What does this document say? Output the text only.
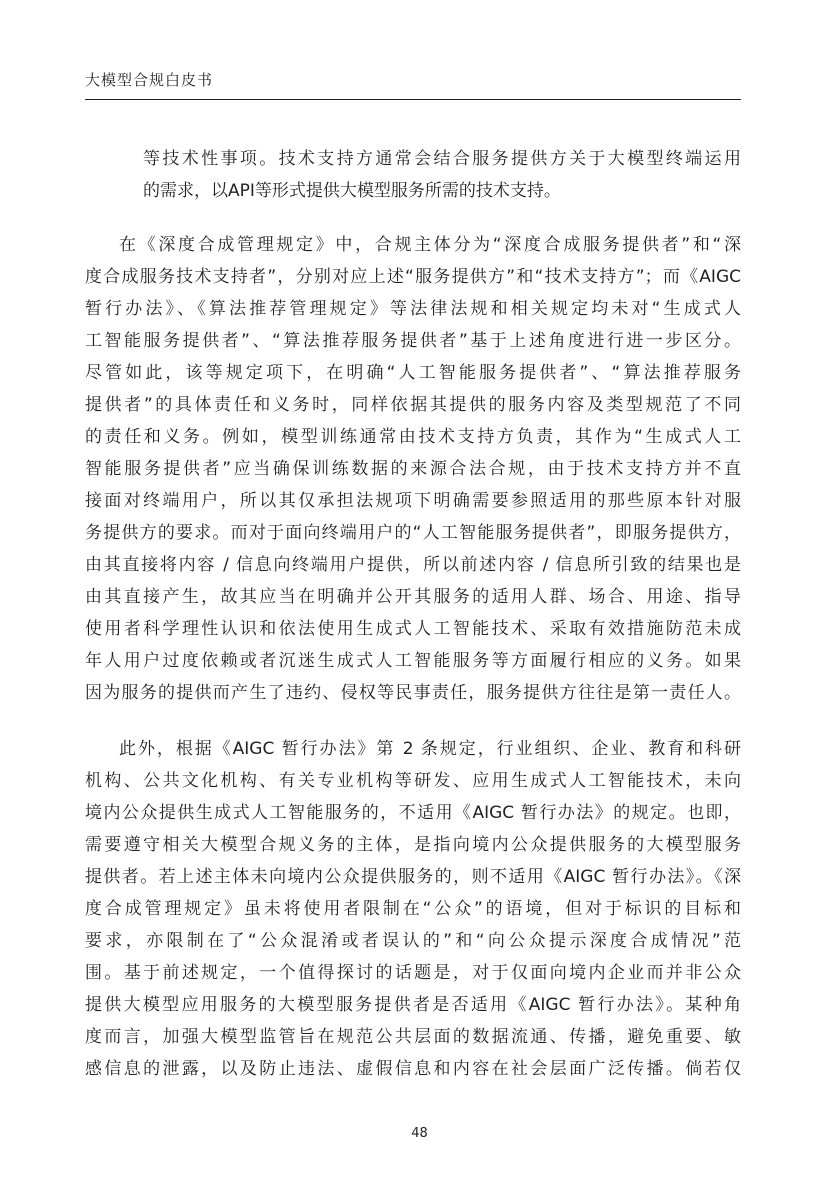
大模型合规白皮书
等技术性事项。技术支持方通常会结合服务提供方关于大模型终端运用
的需求，以API等形式提供大模型服务所需的技术支持。
在《深度合成管理规定》中，合规主体分为“深度合成服务提供者”和“深
度合成服务技术支持者”，分别对应上述“服务提供方”和“技术支持方”；而《AIGC
暂行办法》、《算法推荐管理规定》等法律法规和相关规定均未对“生成式人
工智能服务提供者”、“算法推荐服务提供者”基于上述角度进行进一步区分。
尽管如此，该等规定项下，在明确“人工智能服务提供者”、“算法推荐服务
提供者”的具体责任和义务时，同样依据其提供的服务内容及类型规范了不同
的责任和义务。例如，模型训练通常由技术支持方负责，其作为“生成式人工
智能服务提供者”应当确保训练数据的来源合法合规，由于技术支持方并不直
接面对终端用户，所以其仅承担法规项下明确需要参照适用的那些原本针对服
务提供方的要求。而对于面向终端用户的“人工智能服务提供者”，即服务提供方，
由其直接将内容 / 信息向终端用户提供，所以前述内容 / 信息所引致的结果也是
由其直接产生，故其应当在明确并公开其服务的适用人群、场合、用途、指导
使用者科学理性认识和依法使用生成式人工智能技术、采取有效措施防范未成
年人用户过度依赖或者沉迷生成式人工智能服务等方面履行相应的义务。如果
因为服务的提供而产生了违约、侵权等民事责任，服务提供方往往是第一责任人。
此外，根据《AIGC 暂行办法》第 2 条规定，行业组织、企业、教育和科研
机构、公共文化机构、有关专业机构等研发、应用生成式人工智能技术，未向
境内公众提供生成式人工智能服务的，不适用《AIGC 暂行办法》的规定。也即，
需要遵守相关大模型合规义务的主体，是指向境内公众提供服务的大模型服务
提供者。若上述主体未向境内公众提供服务的，则不适用《AIGC 暂行办法》。《深
度合成管理规定》虽未将使用者限制在“公众”的语境，但对于标识的目标和
要求，亦限制在了“公众混淆或者误认的”和“向公众提示深度合成情况”范
围。基于前述规定，一个值得探讨的话题是，对于仅面向境内企业而并非公众
提供大模型应用服务的大模型服务提供者是否适用《AIGC 暂行办法》。某种角
度而言，加强大模型监管旨在规范公共层面的数据流通、传播，避免重要、敏
感信息的泄露，以及防止违法、虚假信息和内容在社会层面广泛传播。倘若仅
48
